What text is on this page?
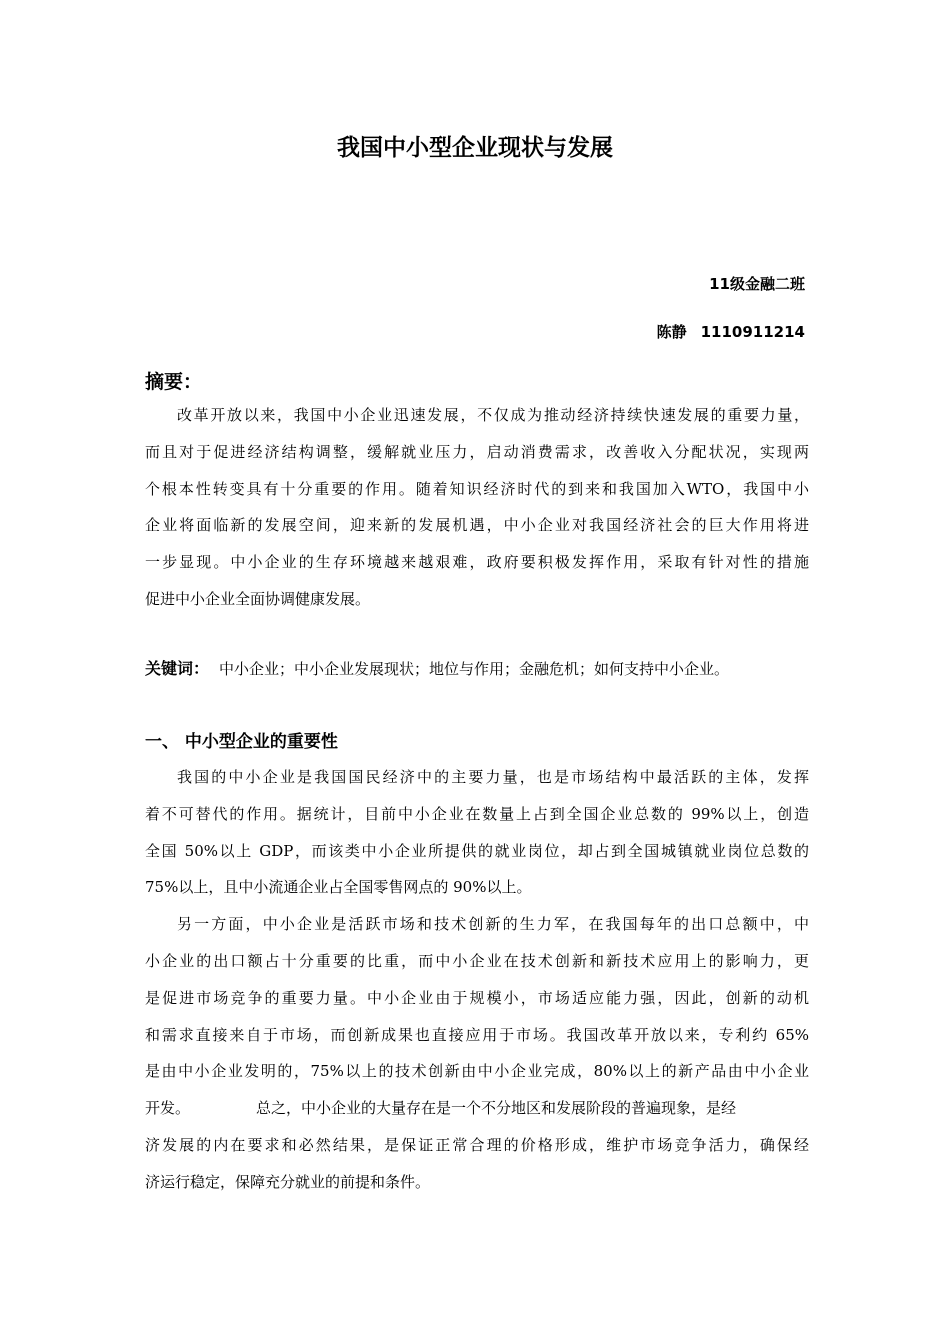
我国中小型企业现状与发展
11级金融二班
陈静 1110911214
摘要：
改革开放以来，我国中小企业迅速发展，不仅成为推动经济持续快速发展的重要力量，
而且对于促进经济结构调整，缓解就业压力，启动消费需求，改善收入分配状况，实现两
个根本性转变具有十分重要的作用。随着知识经济时代的到来和我国加入WTO，我国中小
企业将面临新的发展空间，迎来新的发展机遇，中小企业对我国经济社会的巨大作用将进
一步显现。中小企业的生存环境越来越艰难，政府要积极发挥作用，采取有针对性的措施
促进中小企业全面协调健康发展。
关键词： 中小企业；中小企业发展现状；地位与作用；金融危机；如何支持中小企业。
一、 中小型企业的重要性
我国的中小企业是我国国民经济中的主要力量，也是市场结构中最活跃的主体，发挥
着不可替代的作用。据统计，目前中小企业在数量上占到全国企业总数的 99%以上，创造
全国 50%以上 GDP，而该类中小企业所提供的就业岗位，却占到全国城镇就业岗位总数的
75%以上，且中小流通企业占全国零售网点的 90%以上。
另一方面，中小企业是活跃市场和技术创新的生力军，在我国每年的出口总额中，中
小企业的出口额占十分重要的比重，而中小企业在技术创新和新技术应用上的影响力，更
是促进市场竞争的重要力量。中小企业由于规模小，市场适应能力强，因此，创新的动机
和需求直接来自于市场，而创新成果也直接应用于市场。我国改革开放以来，专利约 65%
是由中小企业发明的，75%以上的技术创新由中小企业完成，80%以上的新产品由中小企业
开发。	总之，中小企业的大量存在是一个不分地区和发展阶段的普遍现象，是经
济发展的内在要求和必然结果，是保证正常合理的价格形成，维护市场竞争活力，确保经
济运行稳定，保障充分就业的前提和条件。
